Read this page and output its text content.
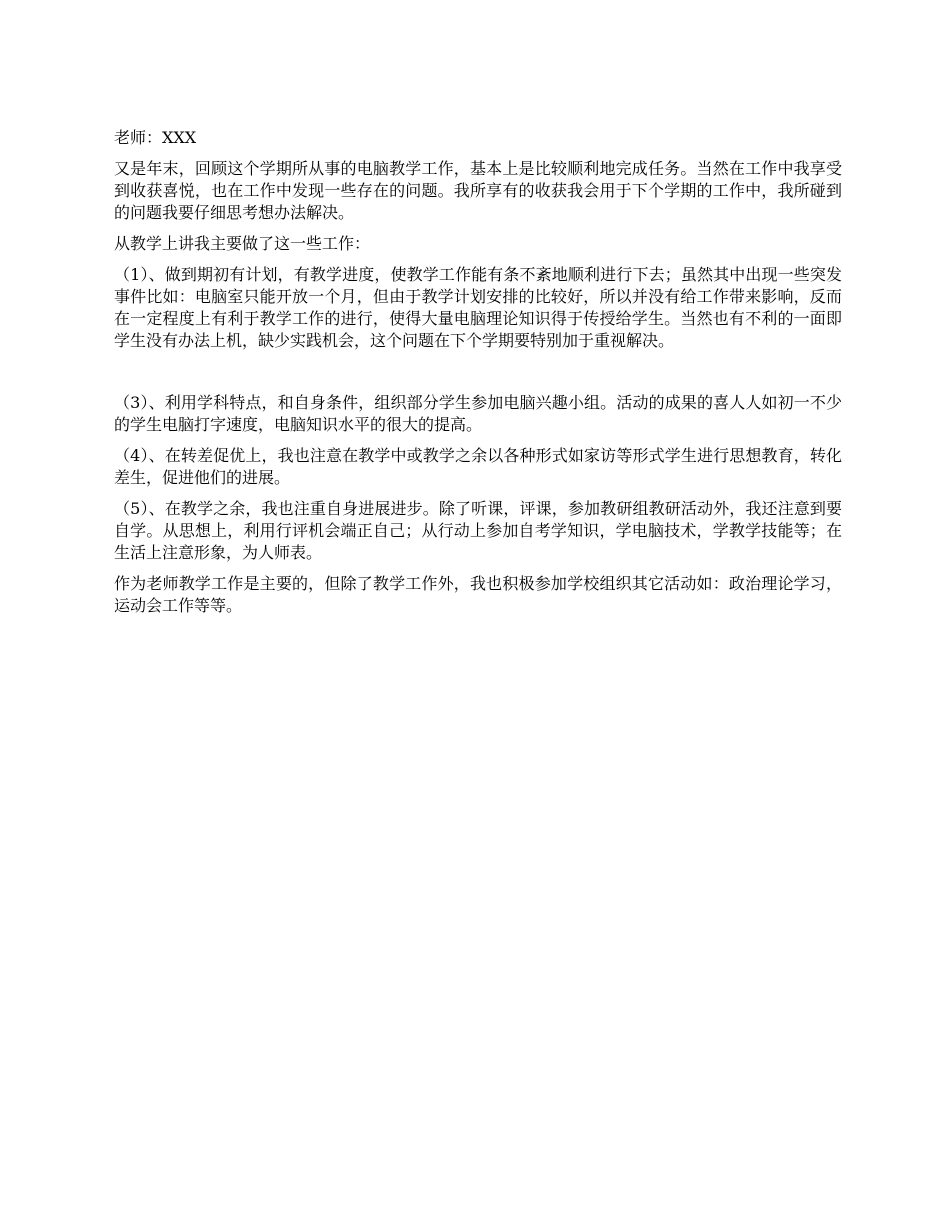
老师：XXX

又是年末，回顾这个学期所从事的电脑教学工作，基本上是比较顺利地完成任务。当然在工作中我享受到收获喜悦，也在工作中发现一些存在的问题。我所享有的收获我会用于下个学期的工作中，我所碰到的问题我要仔细思考想办法解决。

从教学上讲我主要做了这一些工作：

（1）、做到期初有计划，有教学进度，使教学工作能有条不紊地顺利进行下去；虽然其中出现一些突发事件比如：电脑室只能开放一个月，但由于教学计划安排的比较好，所以并没有给工作带来影响，反而在一定程度上有利于教学工作的进行，使得大量电脑理论知识得于传授给学生。当然也有不利的一面即学生没有办法上机，缺少实践机会，这个问题在下个学期要特别加于重视解决。

（3）、利用学科特点，和自身条件，组织部分学生参加电脑兴趣小组。活动的成果的喜人人如初一不少的学生电脑打字速度，电脑知识水平的很大的提高。

（4）、在转差促优上，我也注意在教学中或教学之余以各种形式如家访等形式学生进行思想教育，转化差生，促进他们的进展。

（5）、在教学之余，我也注重自身进展进步。除了听课，评课，参加教研组教研活动外，我还注意到要自学。从思想上，利用行评机会端正自己；从行动上参加自考学知识，学电脑技术，学教学技能等；在生活上注意形象，为人师表。

作为老师教学工作是主要的，但除了教学工作外，我也积极参加学校组织其它活动如：政治理论学习，运动会工作等等。
